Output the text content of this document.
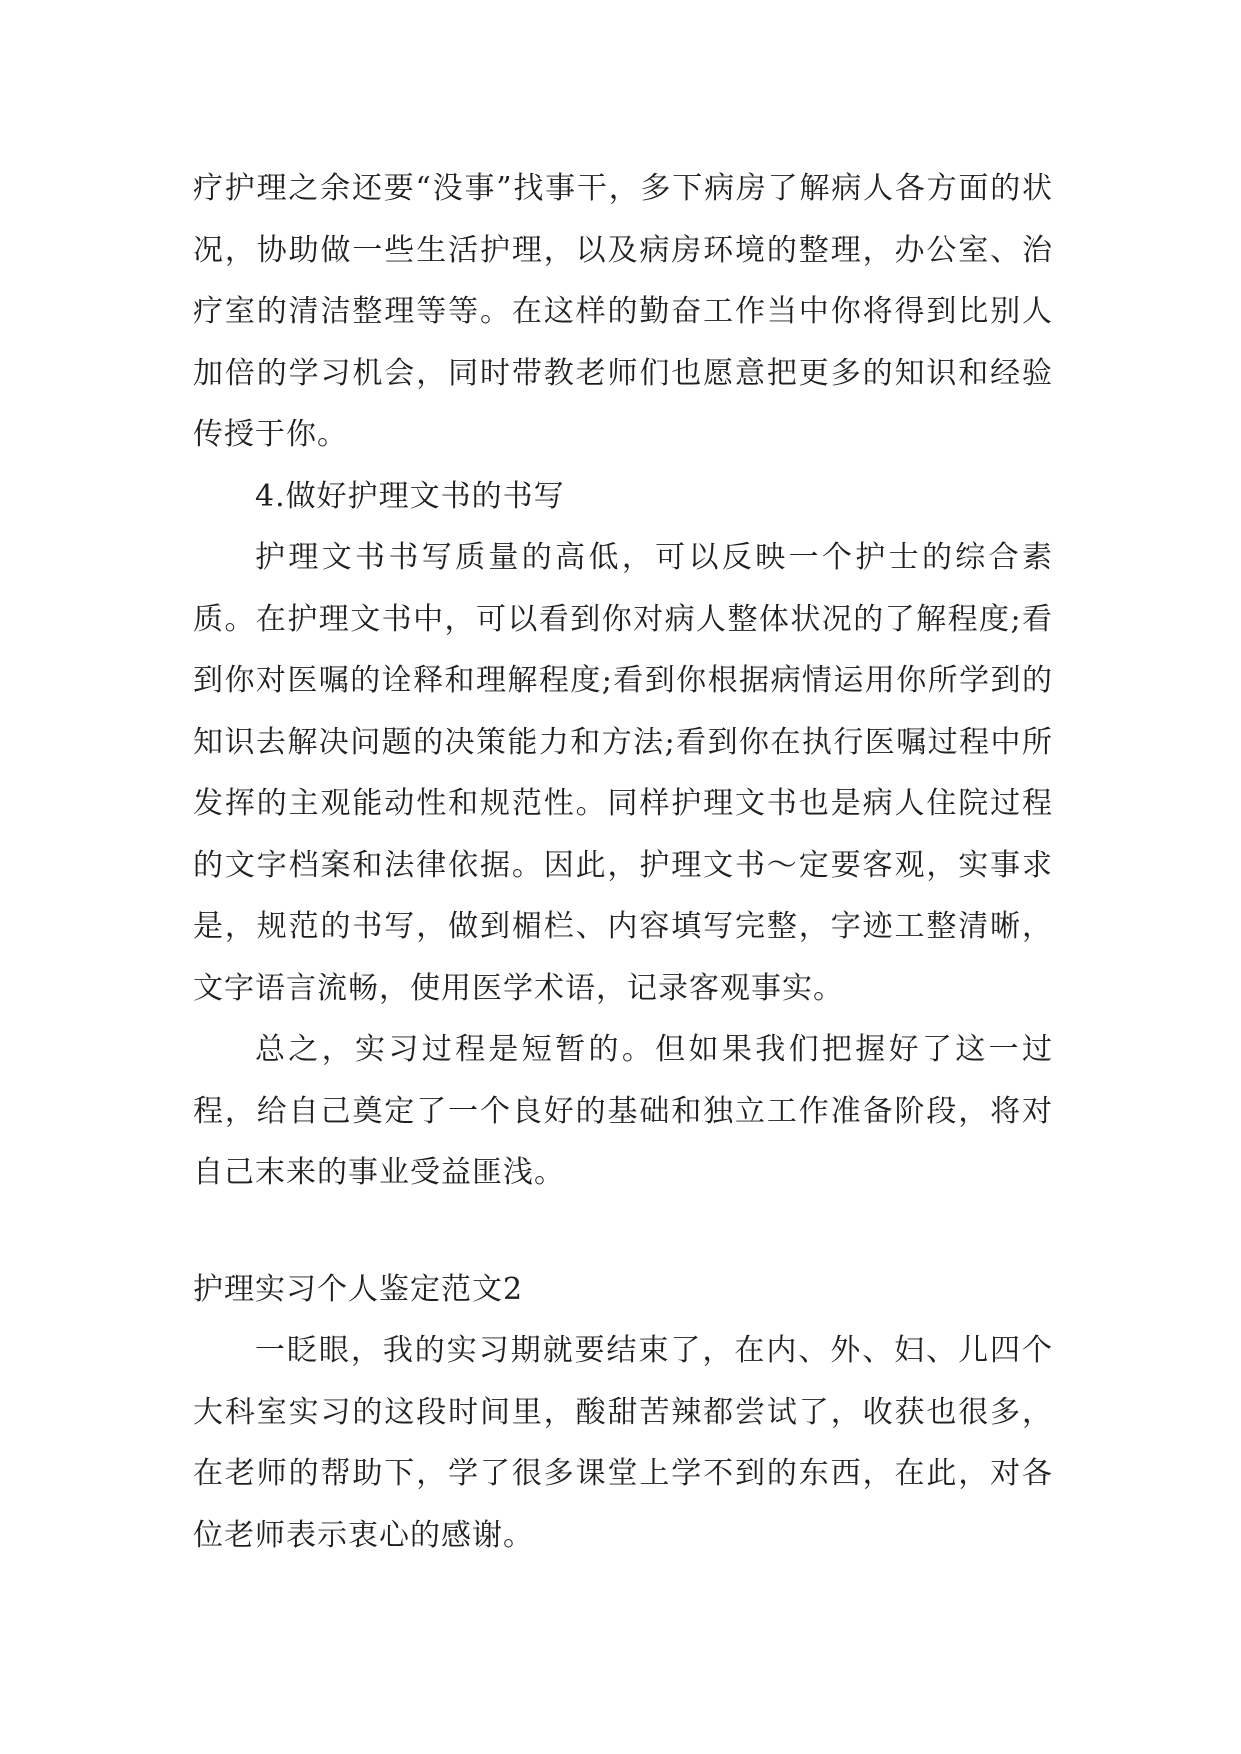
疗护理之余还要“没事”找事干，多下病房了解病人各方面的状况，协助做一些生活护理，以及病房环境的整理，办公室、治疗室的清洁整理等等。在这样的勤奋工作当中你将得到比别人加倍的学习机会，同时带教老师们也愿意把更多的知识和经验传授于你。

4.做好护理文书的书写

护理文书书写质量的高低，可以反映一个护士的综合素质。在护理文书中，可以看到你对病人整体状况的了解程度;看到你对医嘱的诠释和理解程度;看到你根据病情运用你所学到的知识去解决问题的决策能力和方法;看到你在执行医嘱过程中所发挥的主观能动性和规范性。同样护理文书也是病人住院过程的文字档案和法律依据。因此，护理文书～定要客观，实事求是，规范的书写，做到楣栏、内容填写完整，字迹工整清晰，文字语言流畅，使用医学术语，记录客观事实。

总之，实习过程是短暂的。但如果我们把握好了这一过程，给自己奠定了一个良好的基础和独立工作准备阶段，将对自己末来的事业受益匪浅。

护理实习个人鉴定范文2

一眨眼，我的实习期就要结束了，在内、外、妇、儿四个大科室实习的这段时间里，酸甜苦辣都尝试了，收获也很多，在老师的帮助下，学了很多课堂上学不到的东西，在此，对各位老师表示衷心的感谢。
